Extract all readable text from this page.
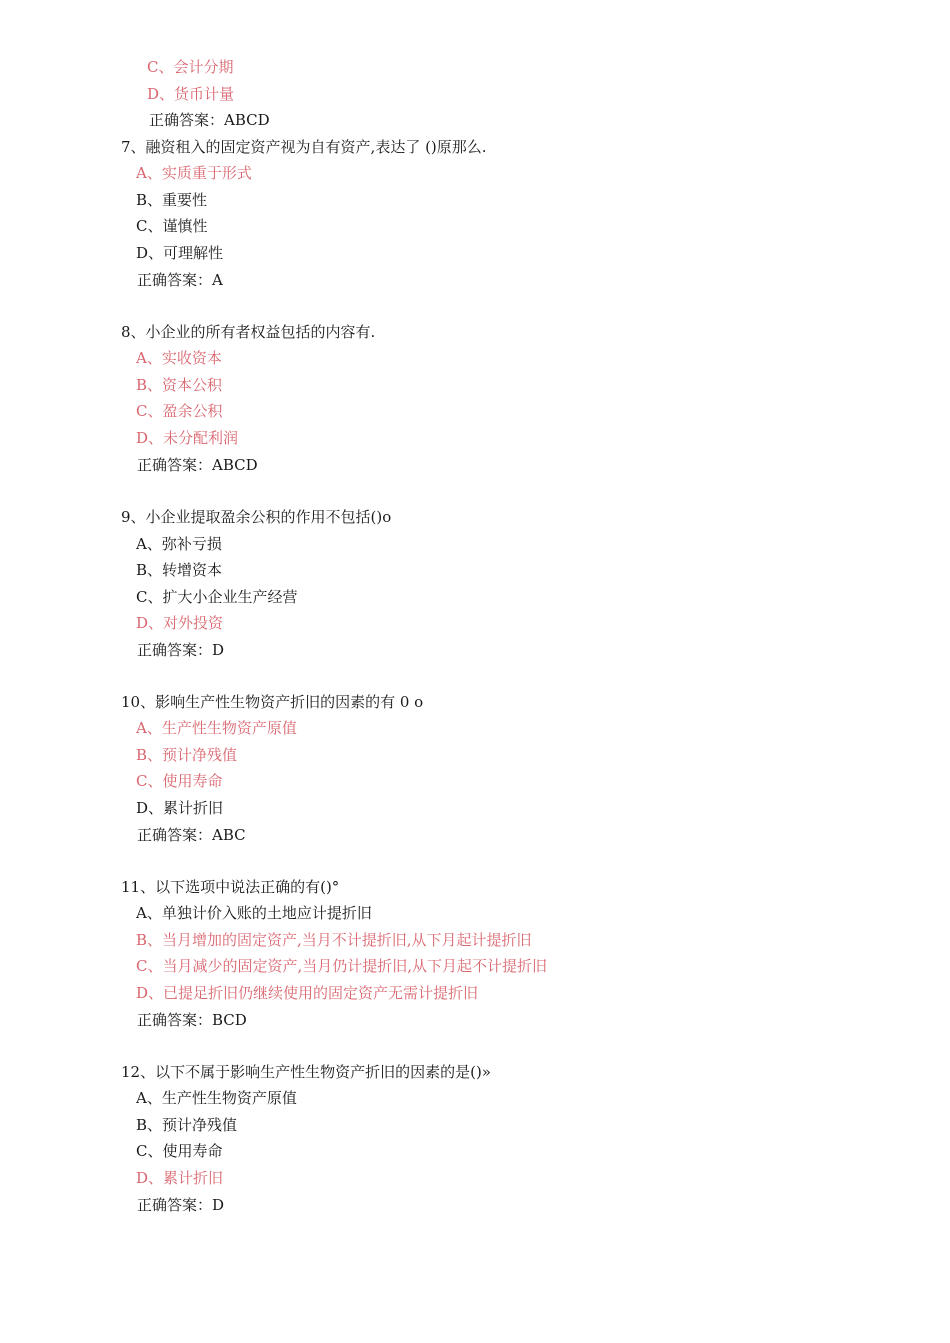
C、会计分期
D、货币计量
正确答案：ABCD
7、融资租入的固定资产视为自有资产,表达了 ()原那么.
A、实质重于形式
B、重要性
C、谨慎性
D、可理解性
正确答案：A
8、小企业的所有者权益包括的内容有.
A、实收资本
B、资本公积
C、盈余公积
D、未分配利润
正确答案：ABCD
9、小企业提取盈余公积的作用不包括()o
A、弥补亏损
B、转增资本
C、扩大小企业生产经营
D、对外投资
正确答案：D
10、影响生产性生物资产折旧的因素的有 0 o
A、生产性生物资产原值
B、预计净残值
C、使用寿命
D、累计折旧
正确答案：ABC
11、以下选项中说法正确的有()°
A、单独计价入账的土地应计提折旧
B、当月增加的固定资产,当月不计提折旧,从下月起计提折旧
C、当月减少的固定资产,当月仍计提折旧,从下月起不计提折旧
D、已提足折旧仍继续使用的固定资产无需计提折旧
正确答案：BCD
12、以下不属于影响生产性生物资产折旧的因素的是()»
A、生产性生物资产原值
B、预计净残值
C、使用寿命
D、累计折旧
正确答案：D
